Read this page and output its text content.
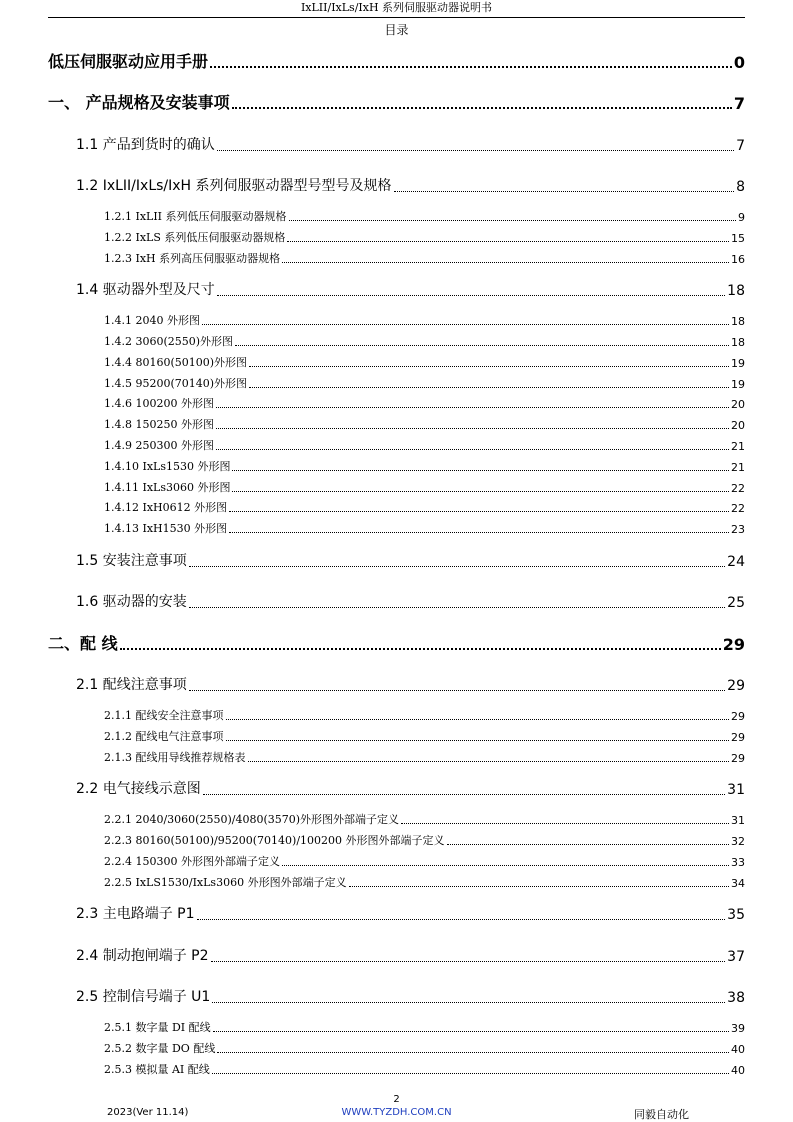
IxLII/IxLs/IxH 系列伺服驱动器说明书
目录
低压伺服驱动应用手册	0
一、 产品规格及安装事项	7
1.1 产品到货时的确认	7
1.2 IxLII/IxLs/IxH 系列伺服驱动器型号型号及规格	8
1.2.1 IxLII 系列低压伺服驱动器规格	9
1.2.2 IxLS 系列低压伺服驱动器规格	15
1.2.3 IxH 系列高压伺服驱动器规格	16
1.4 驱动器外型及尺寸	18
1.4.1 2040 外形图	18
1.4.2 3060(2550)外形图	18
1.4.4 80160(50100)外形图	19
1.4.5 95200(70140)外形图	19
1.4.6 100200 外形图	20
1.4.8 150250 外形图	20
1.4.9 250300 外形图	21
1.4.10 IxLs1530 外形图	21
1.4.11 IxLs3060 外形图	22
1.4.12 IxH0612 外形图	22
1.4.13 IxH1530 外形图	23
1.5 安装注意事项	24
1.6 驱动器的安装	25
二、配 线	29
2.1 配线注意事项	29
2.1.1 配线安全注意事项	29
2.1.2 配线电气注意事项	29
2.1.3 配线用导线推荐规格表	29
2.2 电气接线示意图	31
2.2.1 2040/3060(2550)/4080(3570)外形图外部端子定义	31
2.2.3 80160(50100)/95200(70140)/100200 外形图外部端子定义	32
2.2.4 150300 外形图外部端子定义	33
2.2.5 IxLS1530/IxLs3060 外形图外部端子定义	34
2.3 主电路端子 P1	35
2.4 制动抱闸端子 P2	37
2.5 控制信号端子 U1	38
2.5.1 数字量 DI 配线	39
2.5.2 数字量 DO 配线	40
2.5.3 模拟量 AI 配线	40
2
2023(Ver 11.14)	WWW.TYZDH.COM.CN	同毅自动化
